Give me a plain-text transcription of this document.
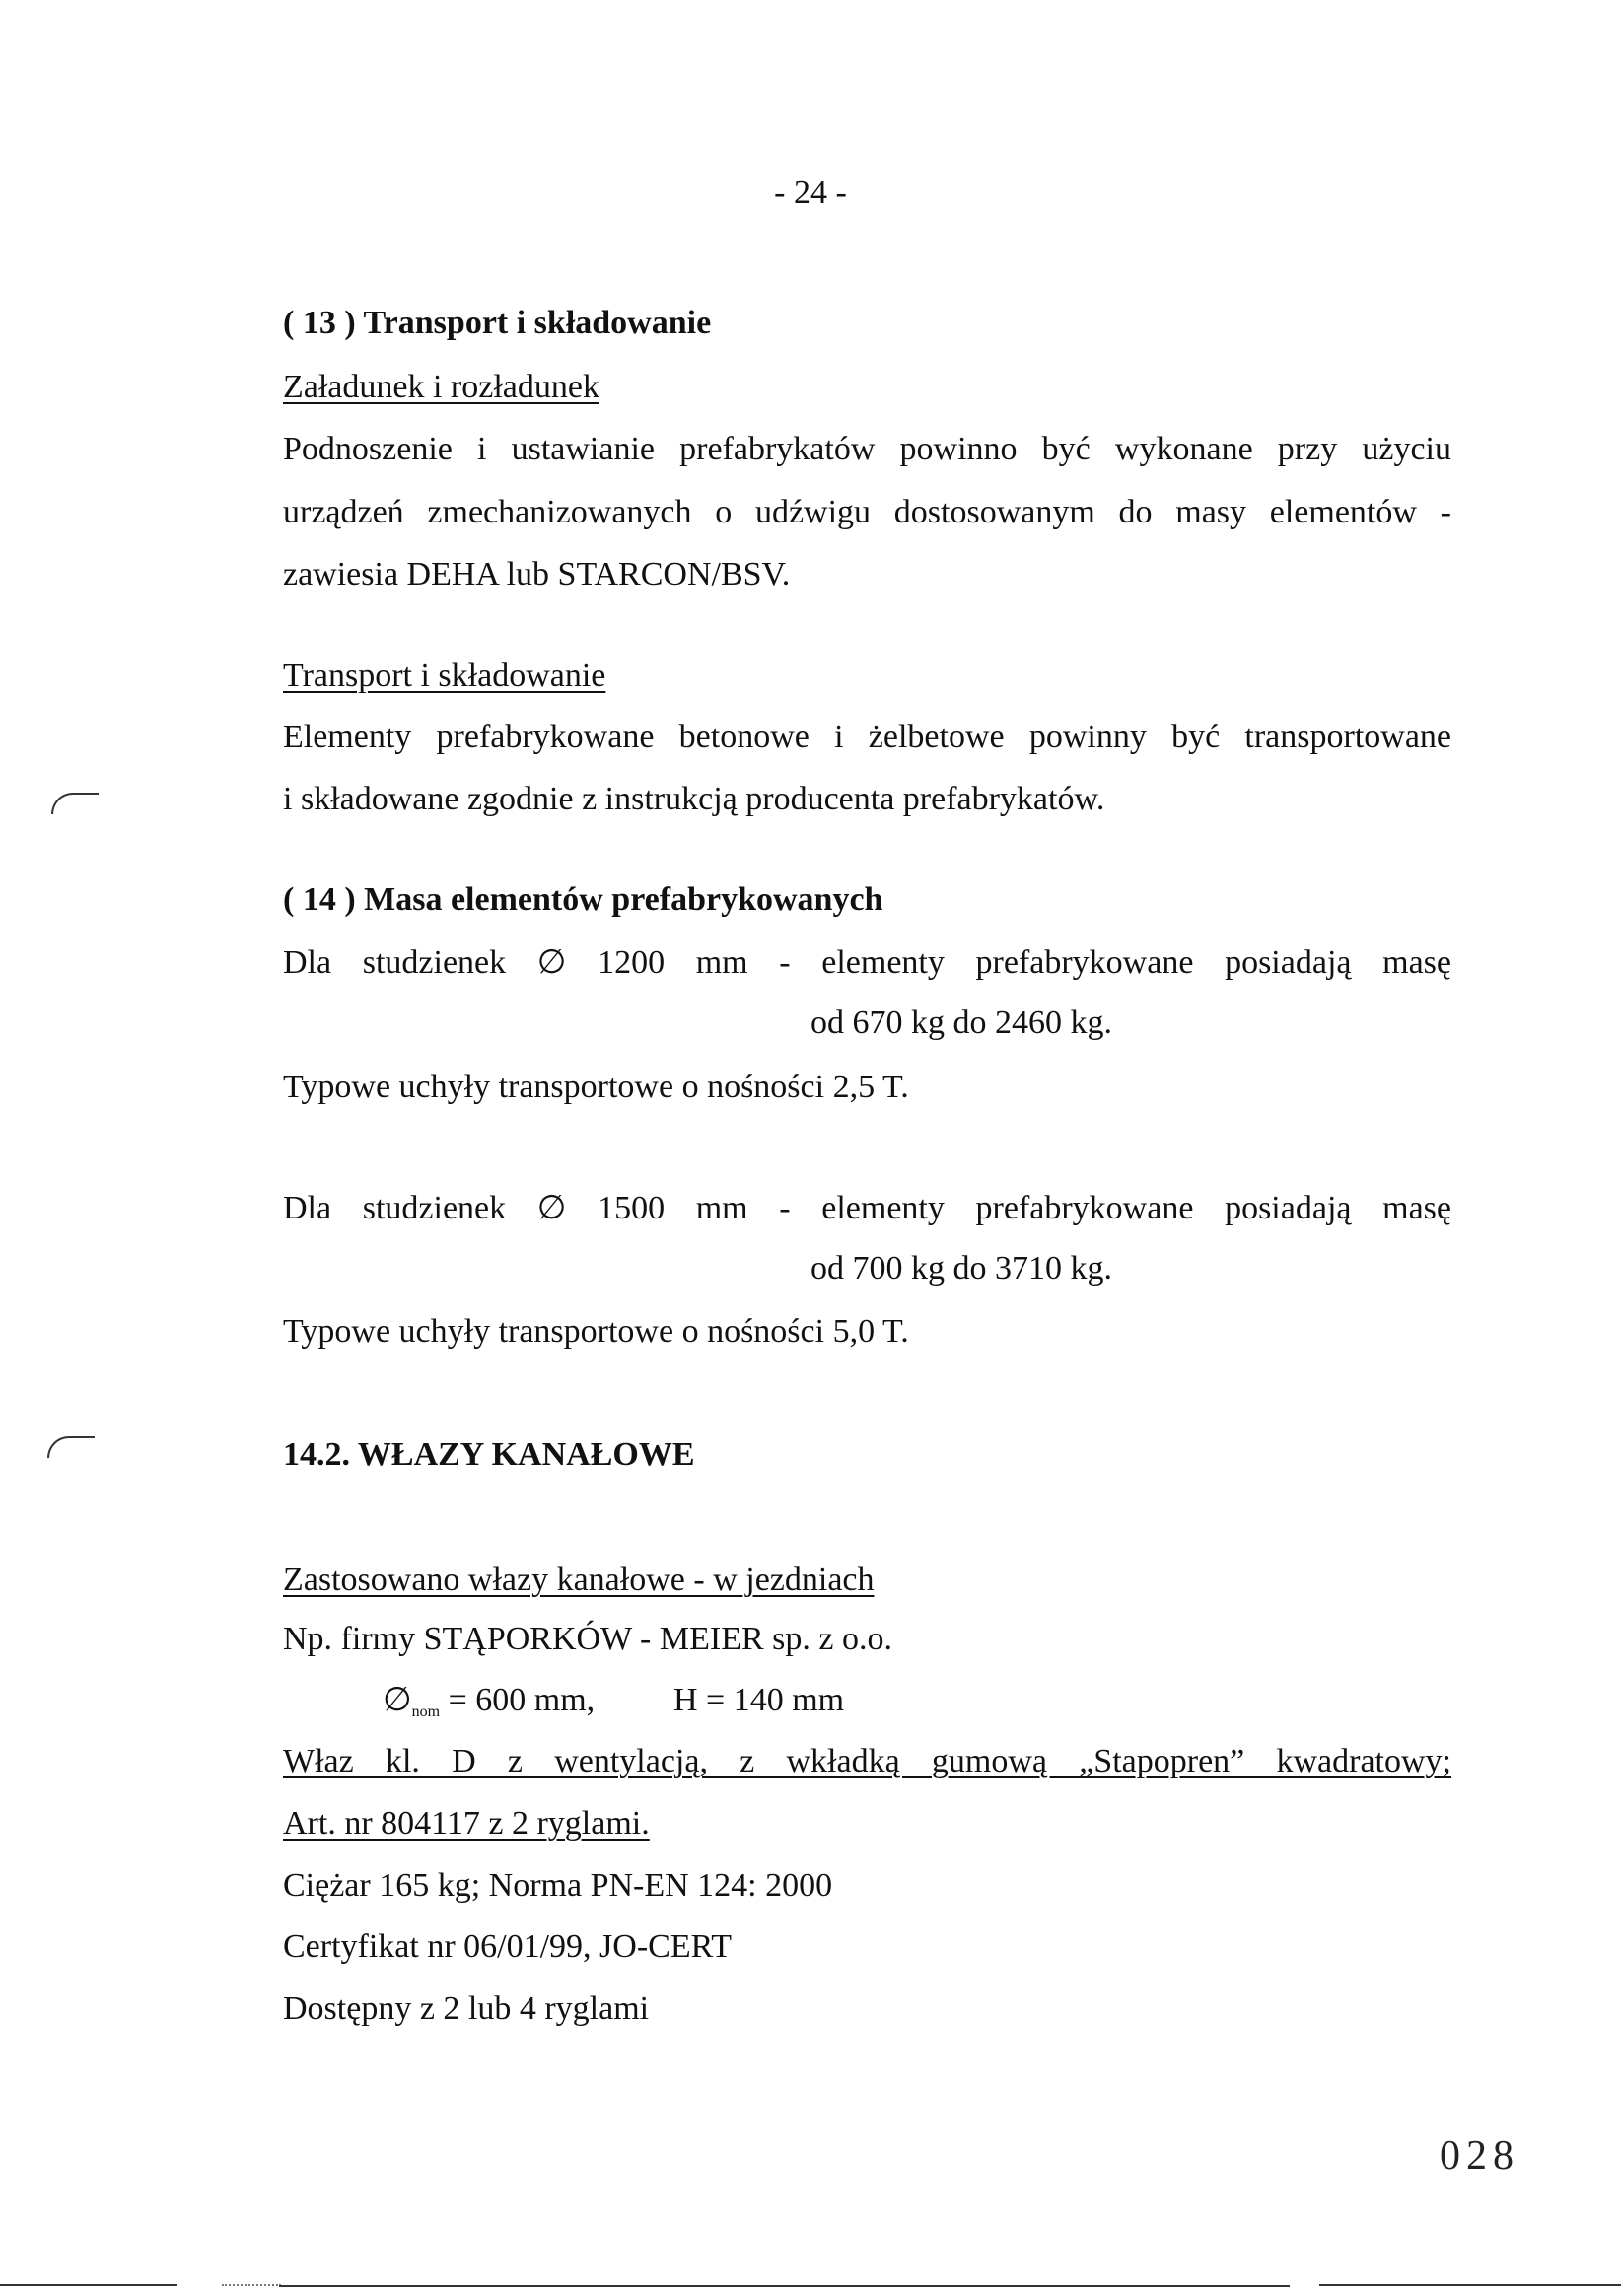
- 24 -

( 13 ) Transport i składowanie

Załadunek i rozładunek

Podnoszenie i ustawianie prefabrykatów powinno być wykonane przy użyciu

urządzeń zmechanizowanych o udźwigu dostosowanym do masy elementów -

zawiesia DEHA lub STARCON/BSV.

Transport i składowanie

Elementy prefabrykowane betonowe i żelbetowe powinny być transportowane

i składowane zgodnie z instrukcją producenta prefabrykatów.

( 14 ) Masa elementów prefabrykowanych

Dla studzienek ∅ 1200 mm - elementy prefabrykowane posiadają masę

od 670 kg do 2460 kg.

Typowe uchyły transportowe o nośności 2,5 T.

Dla studzienek ∅ 1500 mm - elementy prefabrykowane posiadają masę

od 700 kg do 3710 kg.

Typowe uchyły transportowe o nośności 5,0 T.

14.2. WŁAZY KANAŁOWE

Zastosowano włazy kanałowe - w jezdniach

Np. firmy STĄPORKÓW - MEIER sp. z o.o.

$\emptyset_{nom} = 600$ mm, H = 140 mm

Właz kl. D z wentylacją, z wkładką gumową „Stapopren” kwadratowy;

Art. nr 804117 z 2 ryglami.

Ciężar 165 kg; Norma PN-EN 124: 2000

Certyfikat nr 06/01/99, JO-CERT

Dostępny z 2 lub 4 ryglami

028
